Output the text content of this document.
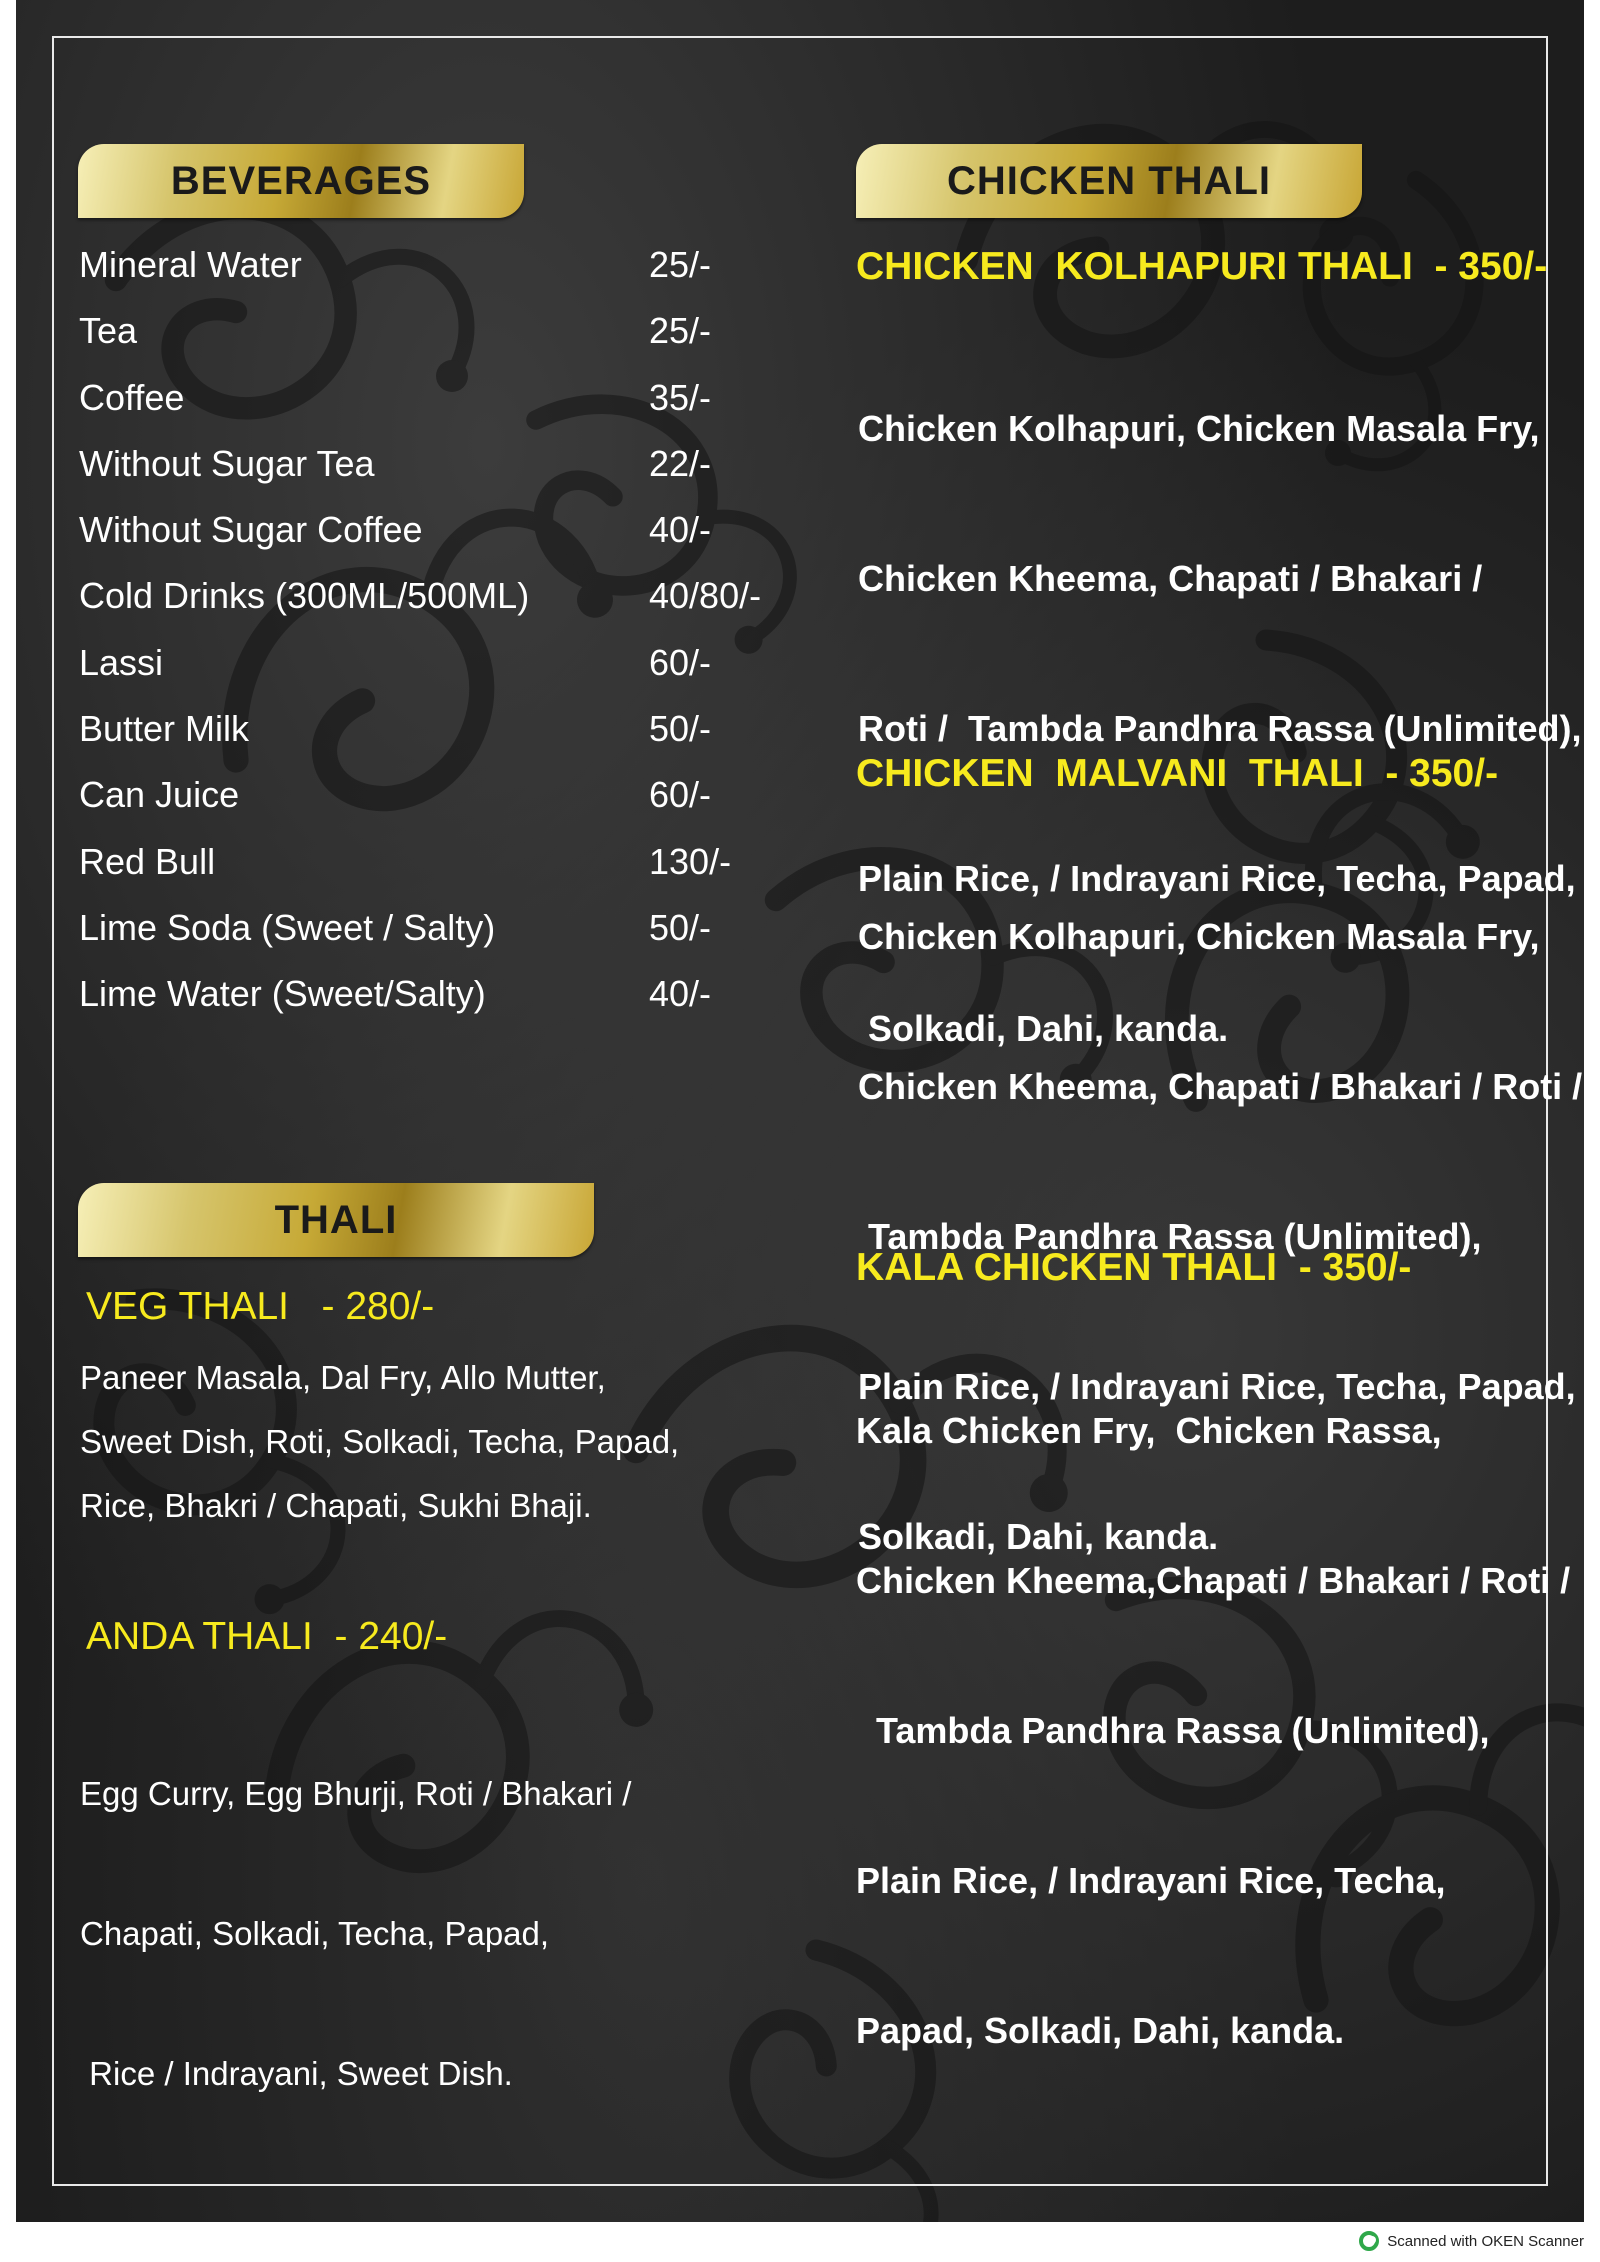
BEVERAGES
Mineral Water	25/-
Tea	25/-
Coffee	35/-
Without Sugar Tea	22/-
Without Sugar Coffee	40/-
Cold Drinks (300ML/500ML)	40/80/-
Lassi	60/-
Butter Milk	50/-
Can Juice	60/-
Red Bull	130/-
Lime Soda (Sweet / Salty)	50/-
Lime Water (Sweet/Salty)	40/-
THALI
VEG THALI   - 280/-
Paneer Masala, Dal Fry, Allo Mutter,
Sweet Dish, Roti, Solkadi, Techa, Papad,
Rice, Bhakri / Chapati, Sukhi Bhaji.
ANDA THALI  - 240/-

Egg Curry, Egg Bhurji, Roti / Bhakari /

Chapati, Solkadi, Techa, Papad,

Rice / Indrayani, Sweet Dish.

CHICKEN THALI
CHICKEN  KOLHAPURI THALI  - 350/-

Chicken Kolhapuri, Chicken Masala Fry,

Chicken Kheema, Chapati / Bhakari /

Roti /  Tambda Pandhra Rassa (Unlimited),

Plain Rice, / Indrayani Rice, Techa, Papad,

Solkadi, Dahi, kanda.

CHICKEN  MALVANI  THALI  - 350/-

Chicken Kolhapuri, Chicken Masala Fry,

Chicken Kheema, Chapati / Bhakari / Roti /

Tambda Pandhra Rassa (Unlimited),

Plain Rice, / Indrayani Rice, Techa, Papad,

Solkadi, Dahi, kanda.

KALA CHICKEN THALI  - 350/-

Kala Chicken Fry,  Chicken Rassa,

Chicken Kheema,Chapati / Bhakari / Roti /

Tambda Pandhra Rassa (Unlimited),

Plain Rice, / Indrayani Rice, Techa,

Papad, Solkadi, Dahi, kanda.

Scanned with OKEN Scanner
